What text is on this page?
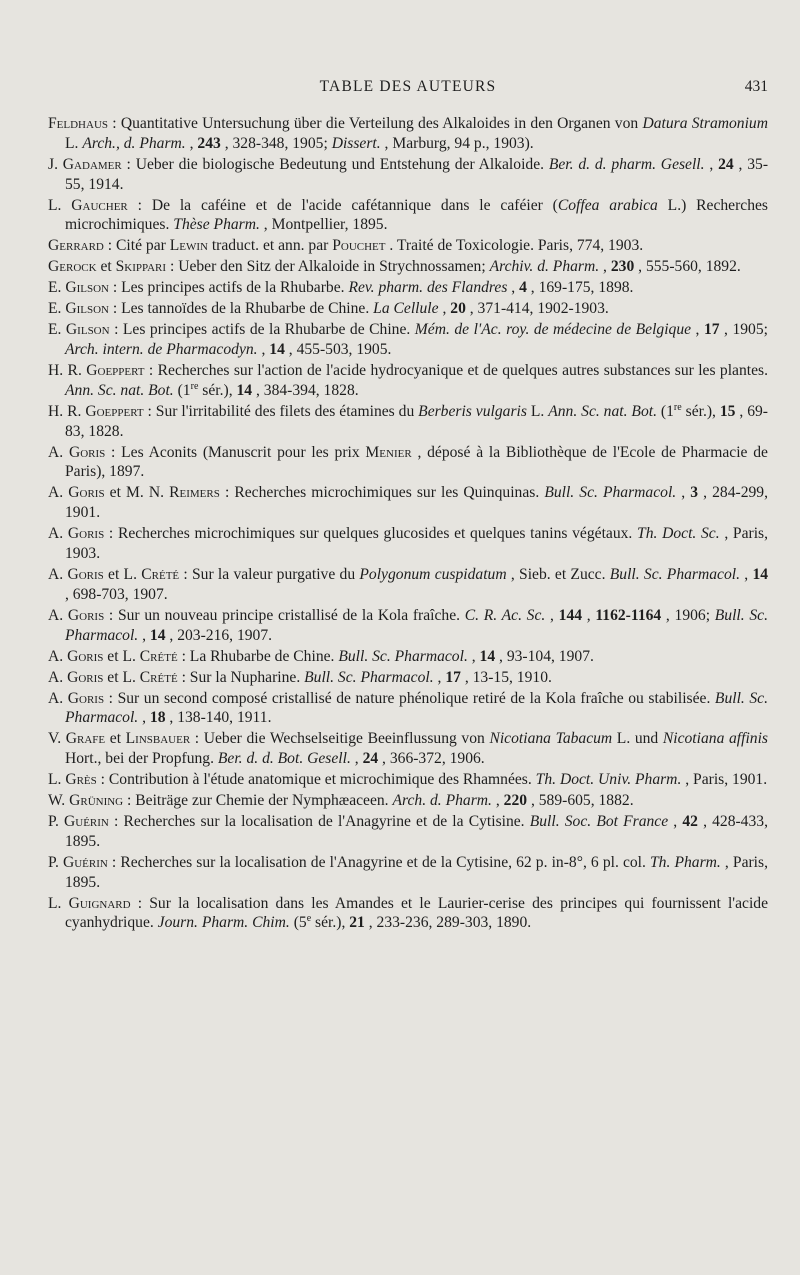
TABLE DES AUTEURS	431

Feldhaus : Quantitative Untersuchung über die Verteilung des Alkaloides in den Organen von Datura Stramonium L. Arch., d. Pharm. , 243 , 328-348, 1905; Dissert. , Marburg, 94 p., 1903).

J. Gadamer : Ueber die biologische Bedeutung und Entstehung der Alkaloide. Ber. d. d. pharm. Gesell. , 24 , 35-55, 1914.

L. Gaucher : De la caféine et de l'acide cafétannique dans le caféier (Coffea arabica L.) Recherches microchimiques. Thèse Pharm. , Montpellier, 1895.

Gerrard : Cité par Lewin traduct. et ann. par Pouchet . Traité de Toxicologie. Paris, 774, 1903.

Gerock et Skippari : Ueber den Sitz der Alkaloide in Strychnossamen; Archiv. d. Pharm. , 230 , 555-560, 1892.

E. Gilson : Les principes actifs de la Rhubarbe. Rev. pharm. des Flandres , 4 , 169-175, 1898.

E. Gilson : Les tannoïdes de la Rhubarbe de Chine. La Cellule , 20 , 371-414, 1902-1903.

E. Gilson : Les principes actifs de la Rhubarbe de Chine. Mém. de l'Ac. roy. de médecine de Belgique , 17 , 1905; Arch. intern. de Pharmacodyn. , 14 , 455-503, 1905.

H. R. Goeppert : Recherches sur l'action de l'acide hydrocyanique et de quelques autres substances sur les plantes. Ann. Sc. nat. Bot. (1re sér.), 14 , 384-394, 1828.

H. R. Goeppert : Sur l'irritabilité des filets des étamines du Berberis vulgaris L. Ann. Sc. nat. Bot. (1re sér.), 15 , 69-83, 1828.

A. Goris : Les Aconits (Manuscrit pour les prix Menier , déposé à la Bibliothèque de l'Ecole de Pharmacie de Paris), 1897.

A. Goris et M. N. Reimers : Recherches microchimiques sur les Quinquinas. Bull. Sc. Pharmacol. , 3 , 284-299, 1901.

A. Goris : Recherches microchimiques sur quelques glucosides et quelques tanins végétaux. Th. Doct. Sc. , Paris, 1903.

A. Goris et L. Crété : Sur la valeur purgative du Polygonum cuspidatum , Sieb. et Zucc. Bull. Sc. Pharmacol. , 14 , 698-703, 1907.

A. Goris : Sur un nouveau principe cristallisé de la Kola fraîche. C. R. Ac. Sc. , 144 , 1162-1164 , 1906; Bull. Sc. Pharmacol. , 14 , 203-216, 1907.

A. Goris et L. Crété : La Rhubarbe de Chine. Bull. Sc. Pharmacol. , 14 , 93-104, 1907.

A. Goris et L. Crété : Sur la Nupharine. Bull. Sc. Pharmacol. , 17 , 13-15, 1910.

A. Goris : Sur un second composé cristallisé de nature phénolique retiré de la Kola fraîche ou stabilisée. Bull. Sc. Pharmacol. , 18 , 138-140, 1911.

V. Grafe et Linsbauer : Ueber die Wechselseitige Beeinflussung von Nicotiana Tabacum L. und Nicotiana affinis Hort., bei der Propfung. Ber. d. d. Bot. Gesell. , 24 , 366-372, 1906.

L. Grès : Contribution à l'étude anatomique et microchimique des Rhamnées. Th. Doct. Univ. Pharm. , Paris, 1901.

W. Grüning : Beiträge zur Chemie der Nymphæaceen. Arch. d. Pharm. , 220 , 589-605, 1882.

P. Guérin : Recherches sur la localisation de l'Anagyrine et de la Cytisine. Bull. Soc. Bot France , 42 , 428-433, 1895.

P. Guérin : Recherches sur la localisation de l'Anagyrine et de la Cytisine, 62 p. in-8°, 6 pl. col. Th. Pharm. , Paris, 1895.

L. Guignard : Sur la localisation dans les Amandes et le Laurier-cerise des principes qui fournissent l'acide cyanhydrique. Journ. Pharm. Chim. (5e sér.), 21 , 233-236, 289-303, 1890.
